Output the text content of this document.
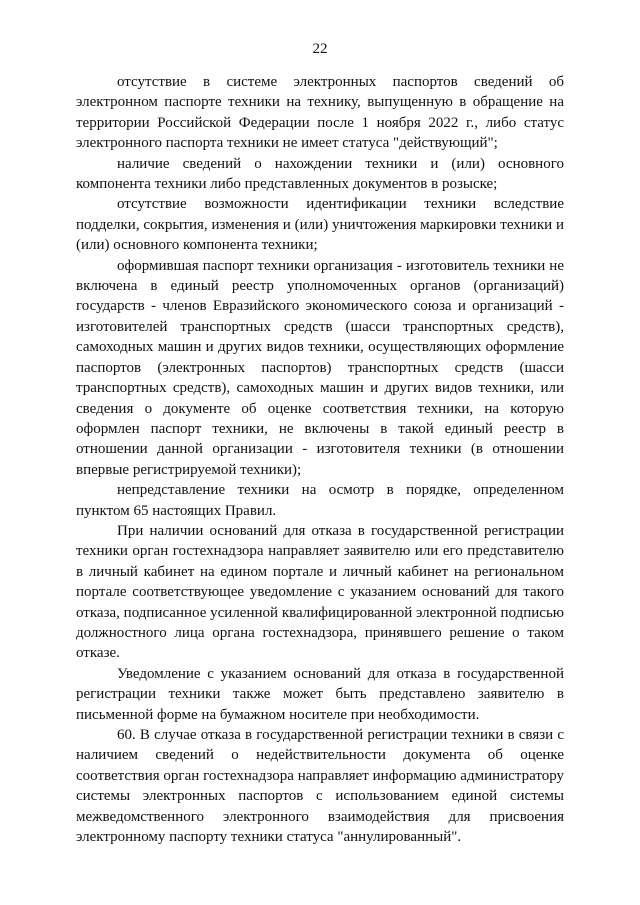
22

отсутствие в системе электронных паспортов сведений об электронном паспорте техники на технику, выпущенную в обращение на территории Российской Федерации после 1 ноября 2022 г., либо статус электронного паспорта техники не имеет статуса "действующий";

наличие сведений о нахождении техники и (или) основного компонента техники либо представленных документов в розыске;

отсутствие возможности идентификации техники вследствие подделки, сокрытия, изменения и (или) уничтожения маркировки техники и (или) основного компонента техники;

оформившая паспорт техники организация - изготовитель техники не включена в единый реестр уполномоченных органов (организаций) государств - членов Евразийского экономического союза и организаций - изготовителей транспортных средств (шасси транспортных средств), самоходных машин и других видов техники, осуществляющих оформление паспортов (электронных паспортов) транспортных средств (шасси транспортных средств), самоходных машин и других видов техники, или сведения о документе об оценке соответствия техники, на которую оформлен паспорт техники, не включены в такой единый реестр в отношении данной организации - изготовителя техники (в отношении впервые регистрируемой техники);

непредставление техники на осмотр в порядке, определенном пунктом 65 настоящих Правил.

При наличии оснований для отказа в государственной регистрации техники орган гостехнадзора направляет заявителю или его представителю в личный кабинет на едином портале и личный кабинет на региональном портале соответствующее уведомление с указанием оснований для такого отказа, подписанное усиленной квалифицированной электронной подписью должностного лица органа гостехнадзора, принявшего решение о таком отказе.

Уведомление с указанием оснований для отказа в государственной регистрации техники также может быть представлено заявителю в письменной форме на бумажном носителе при необходимости.

60. В случае отказа в государственной регистрации техники в связи с наличием сведений о недействительности документа об оценке соответствия орган гостехнадзора направляет информацию администратору системы электронных паспортов с использованием единой системы межведомственного электронного взаимодействия для присвоения электронному паспорту техники статуса "аннулированный".
